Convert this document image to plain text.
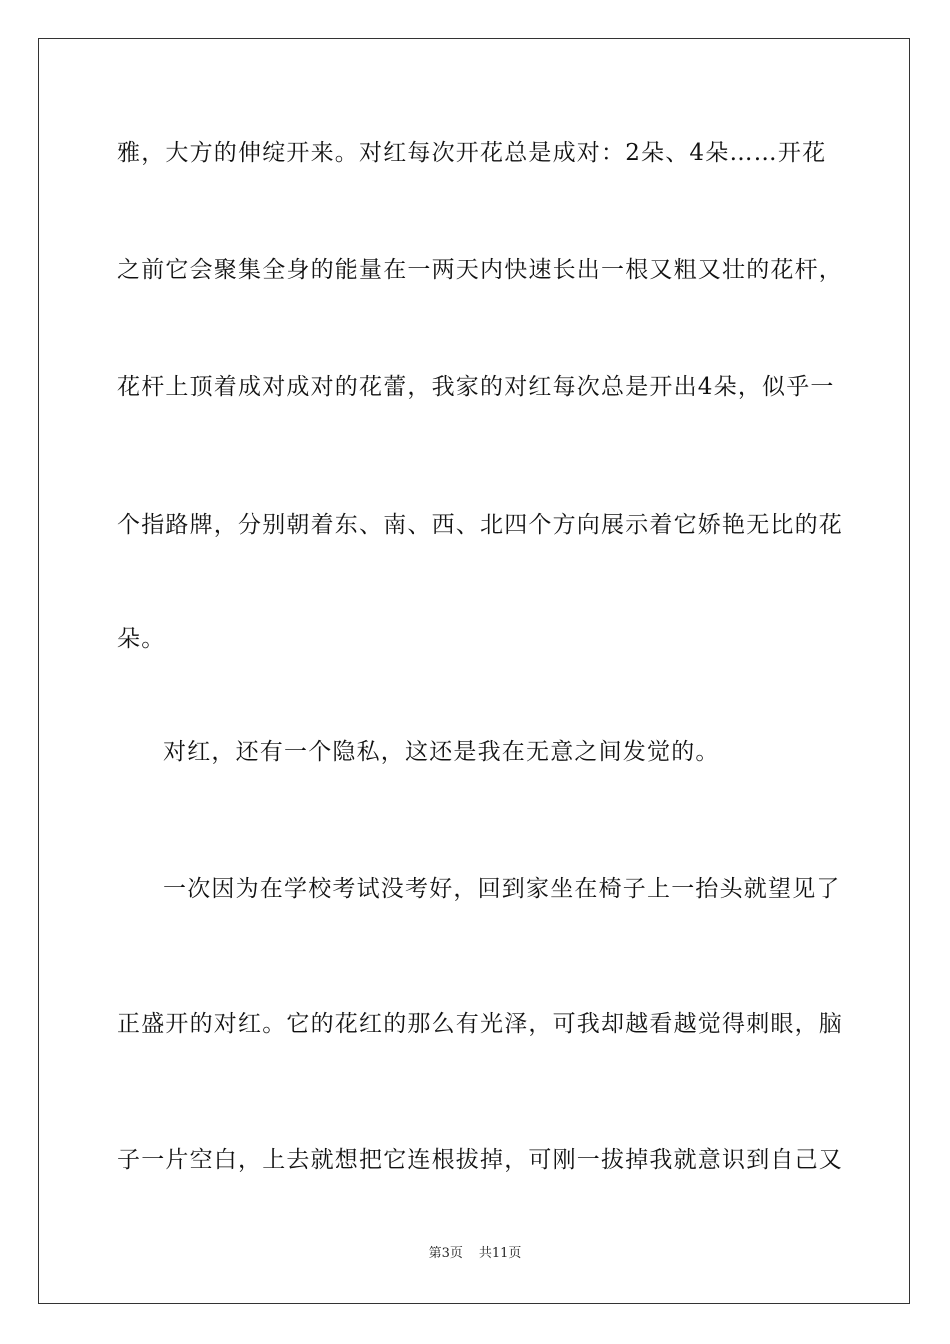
雅，大方的伸绽开来。对红每次开花总是成对：2朵、4朵……开花
之前它会聚集全身的能量在一两天内快速长出一根又粗又壮的花杆，
花杆上顶着成对成对的花蕾，我家的对红每次总是开出4朵，似乎一
个指路牌，分别朝着东、南、西、北四个方向展示着它娇艳无比的花
朵。
对红，还有一个隐私，这还是我在无意之间发觉的。
一次因为在学校考试没考好，回到家坐在椅子上一抬头就望见了
正盛开的对红。它的花红的那么有光泽，可我却越看越觉得刺眼，脑
子一片空白，上去就想把它连根拔掉，可刚一拔掉我就意识到自己又
第3页 共11页
